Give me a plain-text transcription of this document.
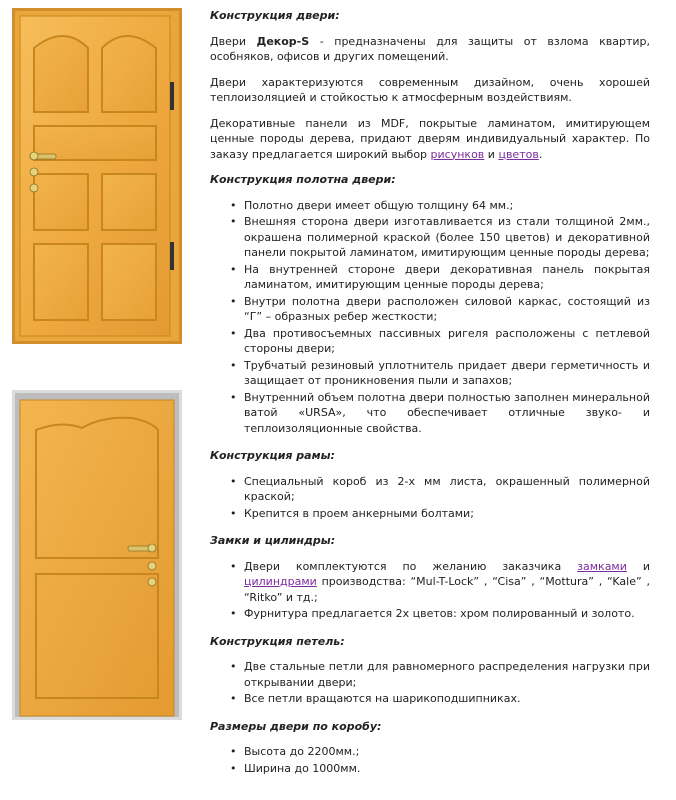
Конструкция двери:

Двери Декор-S - предназначены для защиты от взлома квартир, особняков, офисов и других помещений.

Двери характеризуются современным дизайном, очень хорошей теплоизоляцией и стойкостью к атмосферным воздействиям.

Декоративные панели из MDF, покрытые ламинатом, имитирующем ценные породы дерева, придают дверям индивидуальный характер. По заказу предлагается широкий выбор рисунков и цветов.

Конструкция полотна двери:
• Полотно двери имеет общую толщину 64 мм.;
• Внешняя сторона двери изготавливается из стали толщиной 2мм., окрашена полимерной краской (более 150 цветов) и декоративной панели покрытой ламинатом, имитирующим ценные породы дерева;
• На внутренней стороне двери декоративная панель покрытая ламинатом, имитирующим ценные породы дерева;
• Внутри полотна двери расположен силовой каркас, состоящий из “Г” – образных ребер жесткости;
• Два противосъемных пассивных ригеля расположены с петлевой стороны двери;
• Трубчатый резиновый уплотнитель придает двери герметичность и защищает от проникновения пыли и запахов;
• Внутренний объем полотна двери полностью заполнен минеральной ватой «URSA», что обеспечивает отличные звуко- и теплоизоляционные свойства.
Конструкция рамы:
• Специальный короб из 2-х мм листа, окрашенный полимерной краской;
• Крепится в проем анкерными болтами;
Замки и цилиндры:
• Двери комплектуются по желанию заказчика замками и цилиндрами производства: “Mul-T-Lock” , “Cisa” , “Mottura” , “Kale” , “Ritko” и тд.;
• Фурнитура предлагается 2х цветов: хром полированный и золото.
Конструкция петель:
• Две стальные петли для равномерного распределения нагрузки при открывании двери;
• Все петли вращаются на шарикоподшипниках.
Размеры двери по коробу:
• Высота до 2200мм.;
• Ширина до 1000мм.
